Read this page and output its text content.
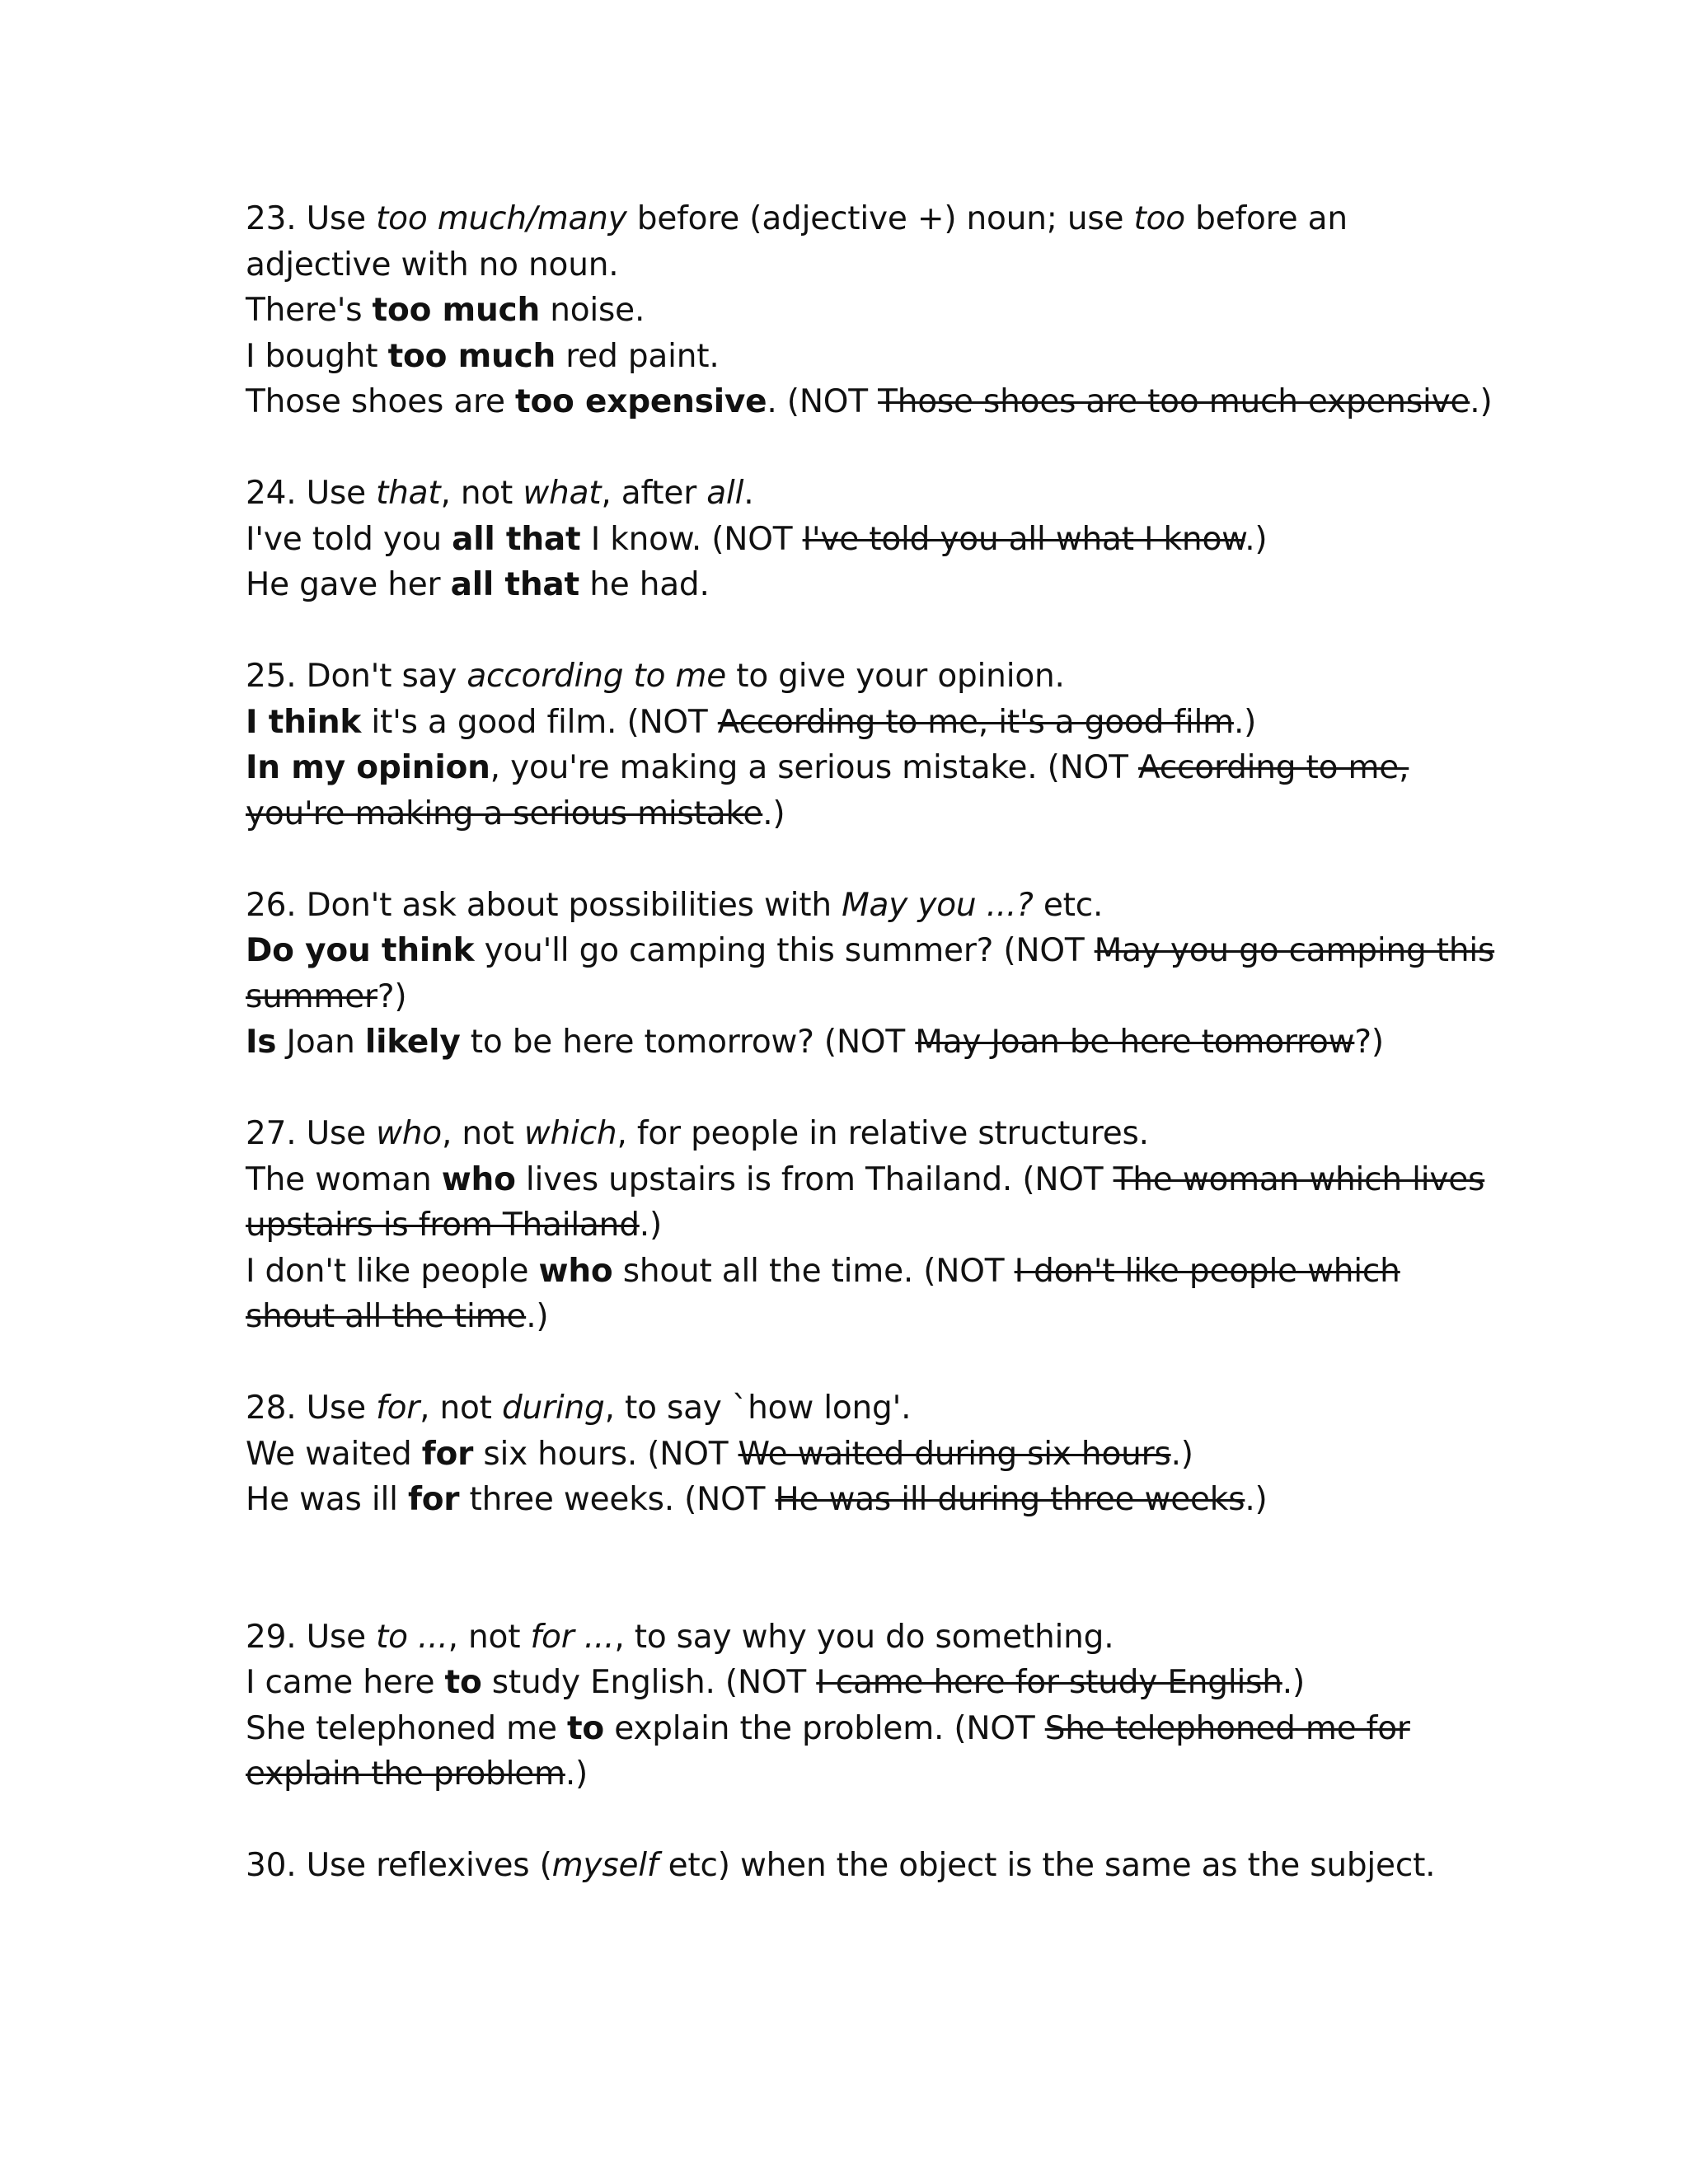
23. Use too much/many before (adjective +) noun; use too before an
adjective with no noun.
There's too much noise.
I bought too much red paint.
Those shoes are too expensive. (NOT Those shoes are too much expensive.)
24. Use that, not what, after all.
I've told you all that I know. (NOT I've told you all what I know.)
He gave her all that he had.
25. Don't say according to me to give your opinion.
I think it's a good film. (NOT According to me, it's a good film.)
In my opinion, you're making a serious mistake. (NOT According to me,
you're making a serious mistake.)
26. Don't ask about possibilities with May you ...? etc.
Do you think you'll go camping this summer? (NOT May you go camping this
summer?)
Is Joan likely to be here tomorrow? (NOT May Joan be here tomorrow?)
27. Use who, not which, for people in relative structures.
The woman who lives upstairs is from Thailand. (NOT The woman which lives
upstairs is from Thailand.)
I don't like people who shout all the time. (NOT I don't like people which
shout all the time.)
28. Use for, not during, to say `how long'.
We waited for six hours. (NOT We waited during six hours.)
He was ill for three weeks. (NOT He was ill during three weeks.)
29. Use to ..., not for ..., to say why you do something.
I came here to study English. (NOT I came here for study English.)
She telephoned me to explain the problem. (NOT She telephoned me for
explain the problem.)
30. Use reflexives (myself etc) when the object is the same as the subject.
